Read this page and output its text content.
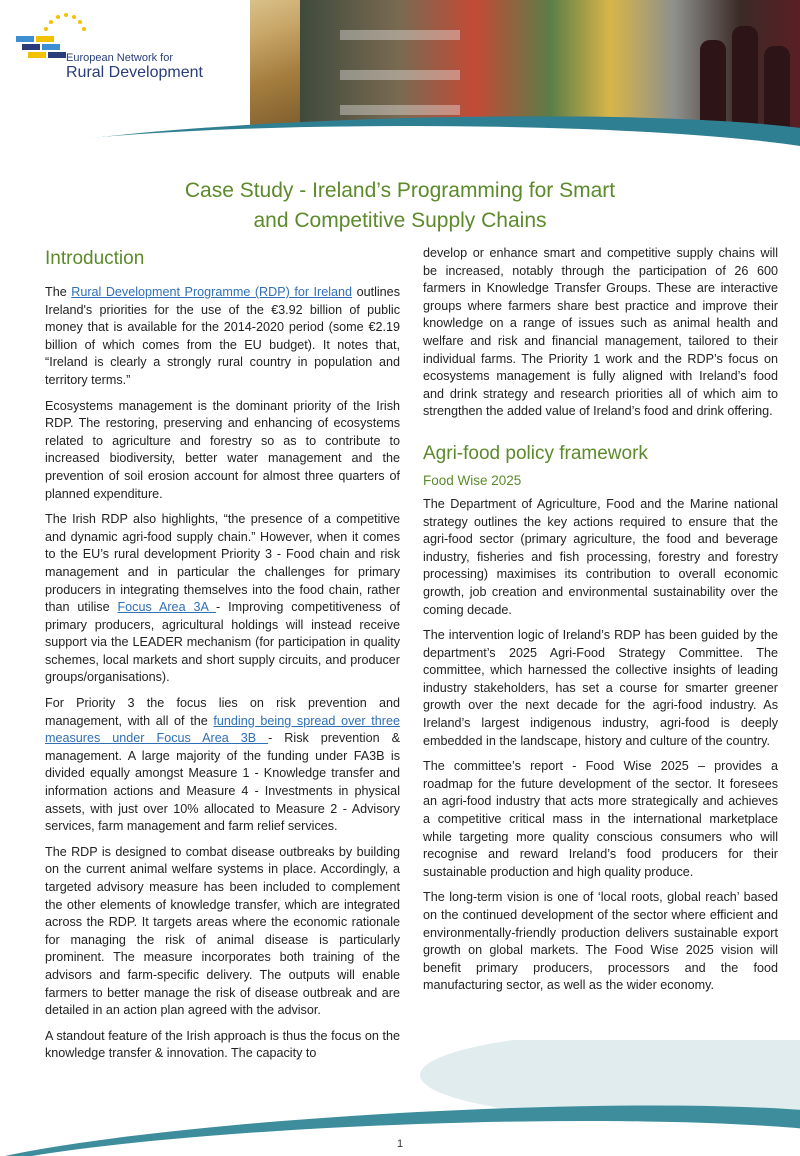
European Network for
Rural Development
Case Study - Ireland’s Programming for Smart
and Competitive Supply Chains
Introduction

The Rural Development Programme (RDP) for Ireland outlines Ireland's priorities for the use of the €3.92 billion of public money that is available for the 2014-2020 period (some €2.19 billion of which comes from the EU budget). It notes that, “Ireland is clearly a strongly rural country in population and territory terms.”

Ecosystems management is the dominant priority of the Irish RDP. The restoring, preserving and enhancing of ecosystems related to agriculture and forestry so as to contribute to increased biodiversity, better water management and the prevention of soil erosion account for almost three quarters of planned expenditure.

The Irish RDP also highlights, “the presence of a competitive and dynamic agri-food supply chain.” However, when it comes to the EU’s rural development Priority 3 - Food chain and risk management and in particular the challenges for primary producers in integrating themselves into the food chain, rather than utilise Focus Area 3A - Improving competitiveness of primary producers, agricultural holdings will instead receive support via the LEADER mechanism (for participation in quality schemes, local markets and short supply circuits, and producer groups/organisations).

For Priority 3 the focus lies on risk prevention and management, with all of the funding being spread over three measures under Focus Area 3B - Risk prevention & management. A large majority of the funding under FA3B is divided equally amongst Measure 1 - Knowledge transfer and information actions and Measure 4 - Investments in physical assets, with just over 10% allocated to Measure 2 - Advisory services, farm management and farm relief services.

The RDP is designed to combat disease outbreaks by building on the current animal welfare systems in place. Accordingly, a targeted advisory measure has been included to complement the other elements of knowledge transfer, which are integrated across the RDP. It targets areas where the economic rationale for managing the risk of animal disease is particularly prominent. The measure incorporates both training of the advisors and farm-specific delivery. The outputs will enable farmers to better manage the risk of disease outbreak and are detailed in an action plan agreed with the advisor.

A standout feature of the Irish approach is thus the focus on the knowledge transfer & innovation. The capacity to

develop or enhance smart and competitive supply chains will be increased, notably through the participation of 26 600 farmers in Knowledge Transfer Groups. These are interactive groups where farmers share best practice and improve their knowledge on a range of issues such as animal health and welfare and risk and financial management, tailored to their individual farms. The Priority 1 work and the RDP’s focus on ecosystems management is fully aligned with Ireland’s food and drink strategy and research priorities all of which aim to strengthen the added value of Ireland’s food and drink offering.

Agri-food policy framework
Food Wise 2025

The Department of Agriculture, Food and the Marine national strategy outlines the key actions required to ensure that the agri-food sector (primary agriculture, the food and beverage industry, fisheries and fish processing, forestry and forestry processing) maximises its contribution to overall economic growth, job creation and environmental sustainability over the coming decade.

The intervention logic of Ireland’s RDP has been guided by the department’s 2025 Agri-Food Strategy Committee. The committee, which harnessed the collective insights of leading industry stakeholders, has set a course for smarter greener growth over the next decade for the agri-food industry. As Ireland’s largest indigenous industry, agri-food is deeply embedded in the landscape, history and culture of the country.

The committee’s report - Food Wise 2025 – provides a roadmap for the future development of the sector. It foresees an agri-food industry that acts more strategically and achieves a competitive critical mass in the international marketplace while targeting more quality conscious consumers who will recognise and reward Ireland’s food producers for their sustainable production and high quality produce.

The long-term vision is one of ‘local roots, global reach’ based on the continued development of the sector where efficient and environmentally-friendly production delivers sustainable export growth on global markets. The Food Wise 2025 vision will benefit primary producers, processors and the food manufacturing sector, as well as the wider economy.

1
